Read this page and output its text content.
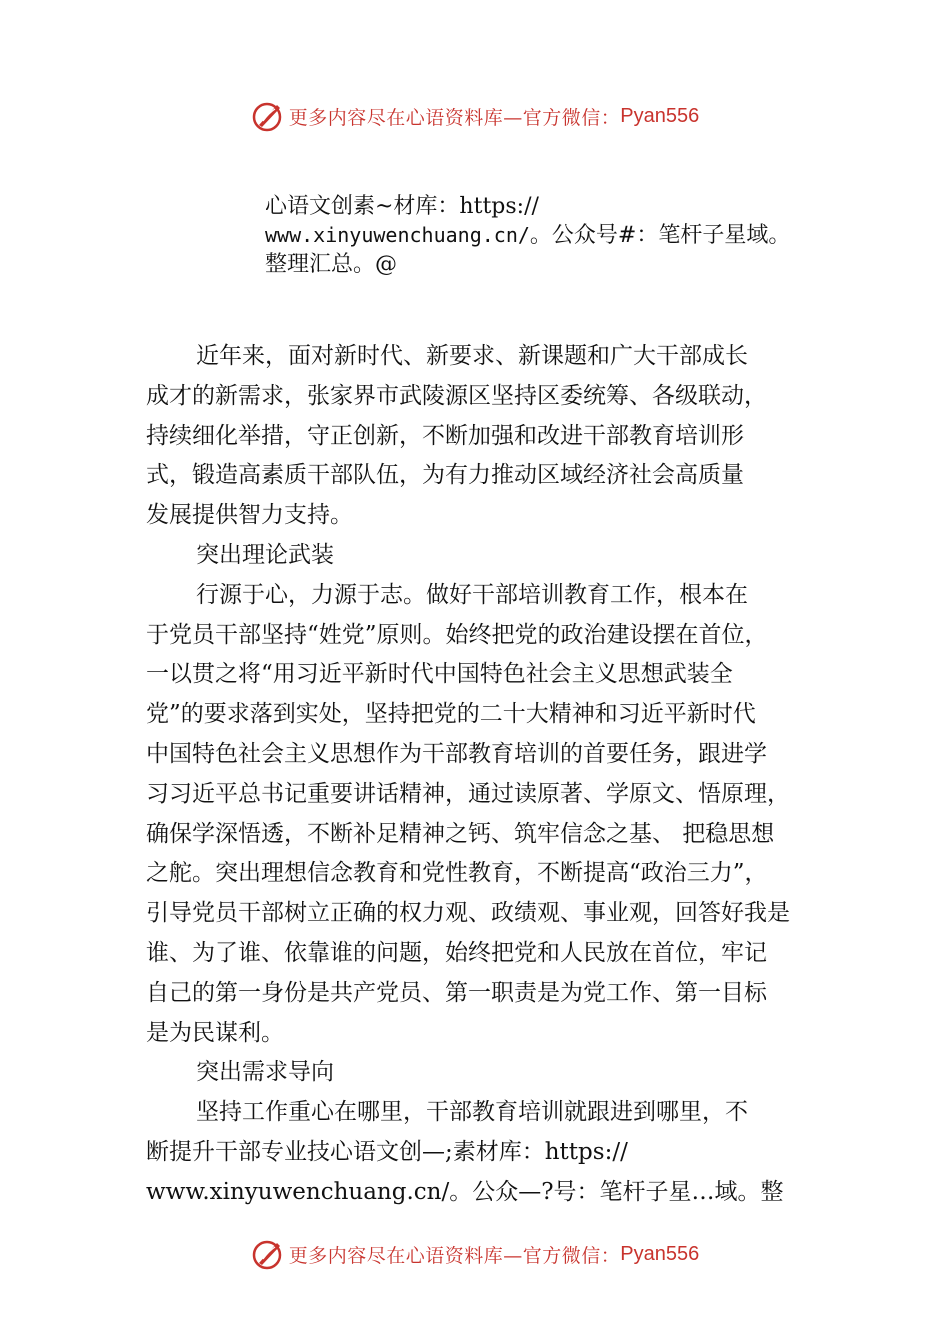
更多内容尽在心语资料库—官方微信： Pyan556
心语文创素~材库：https://
www.xinyuwenchuang.cn/。公众号#：笔杆子星域。
整理汇总。@
近年来，面对新时代、新要求、新课题和广大干部成长
成才的新需求，张家界市武陵源区坚持区委统筹、各级联动，
持续细化举措，守正创新，不断加强和改进干部教育培训形
式，锻造高素质干部队伍，为有力推动区域经济社会高质量
发展提供智力支持。
突出理论武装
行源于心，力源于志。做好干部培训教育工作，根本在
于党员干部坚持“姓党”原则。始终把党的政治建设摆在首位，
一以贯之将“用习近平新时代中国特色社会主义思想武装全
党”的要求落到实处，坚持把党的二十大精神和习近平新时代
中国特色社会主义思想作为干部教育培训的首要任务，跟进学
习习近平总书记重要讲话精神，通过读原著、学原文、悟原理，
确保学深悟透，不断补足精神之钙、筑牢信念之基、 把稳思想
之舵。突出理想信念教育和党性教育，不断提高“政治三力”，
引导党员干部树立正确的权力观、政绩观、事业观，回答好我是
谁、为了谁、依靠谁的问题，始终把党和人民放在首位，牢记
自己的第一身份是共产党员、第一职责是为党工作、第一目标
是为民谋利。
突出需求导向
坚持工作重心在哪里，干部教育培训就跟进到哪里，不
断提升干部专业技心语文创—;素材库：https://
www.xinyuwenchuang.cn/。公众—?号：笔杆子星…域。整
更多内容尽在心语资料库—官方微信： Pyan556
